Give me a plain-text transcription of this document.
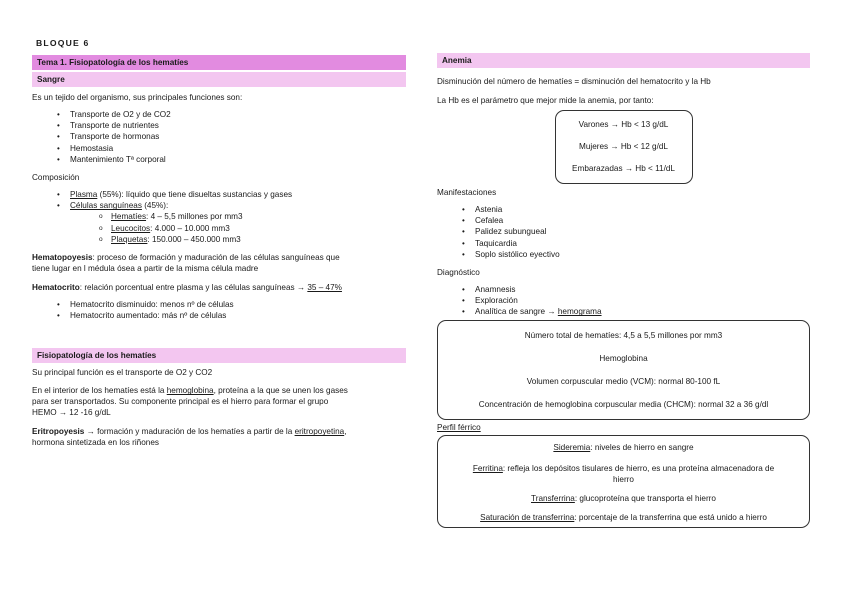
BLOQUE 6
Tema 1. Fisiopatología de los hematíes
Sangre

Es un tejido del organismo, sus principales funciones son:

• Transporte de O2 y de CO2
• Transporte de nutrientes
• Transporte de hormonas
• Hemostasia
• Mantenimiento Tª corporal

Composición

• Plasma (55%): líquido que tiene disueltas sustancias y gases
• Células sanguíneas (45%):
o Hematíes: 4 – 5,5 millones por mm3
o Leucocitos: 4.000 – 10.000 mm3
o Plaquetas: 150.000 – 450.000 mm3

Hematopoyesis: proceso de formación y maduración de las células sanguíneas que

tiene lugar en l médula ósea a partir de la misma célula madre

Hematocrito: relación porcentual entre plasma y las células sanguíneas → 35 – 47%

• Hematocrito disminuido: menos nº de células
• Hematocrito aumentado: más nº de células
Fisiopatología de los hematíes

Su principal función es el transporte de O2 y CO2

En el interior de los hematíes está la hemoglobina, proteína a la que se unen los gases

para ser transportados. Su componente principal es el hierro para formar el grupo

HEMO → 12 -16 g/dL

Eritropoyesis → formación y maduración de los hematíes a partir de la eritropoyetina,

hormona sintetizada en los riñones

Anemia

Disminución del número de hematíes = disminución del hematocrito y la Hb

La Hb es el parámetro que mejor mide la anemia, por tanto:

Varones → Hb < 13 g/dL

Mujeres → Hb < 12 g/dL

Embarazadas → Hb < 11/dL

Manifestaciones

• Astenia
• Cefalea
• Palidez subungueal
• Taquicardia
• Soplo sistólico eyectivo

Diagnóstico

• Anamnesis
• Exploración
• Analítica de sangre → hemograma

Número total de hematíes: 4,5 a 5,5 millones por mm3

Hemoglobina

Volumen corpuscular medio (VCM): normal 80-100 fL

Concentración de hemoglobina corpuscular media (CHCM): normal 32 a 36 g/dl

Perfil férrico

Sideremia: niveles de hierro en sangre

Ferritina: refleja los depósitos tisulares de hierro, es una proteína almacenadora de

hierro

Transferrina: glucoproteína que transporta el hierro

Saturación de transferrina: porcentaje de la transferrina que está unido a hierro
